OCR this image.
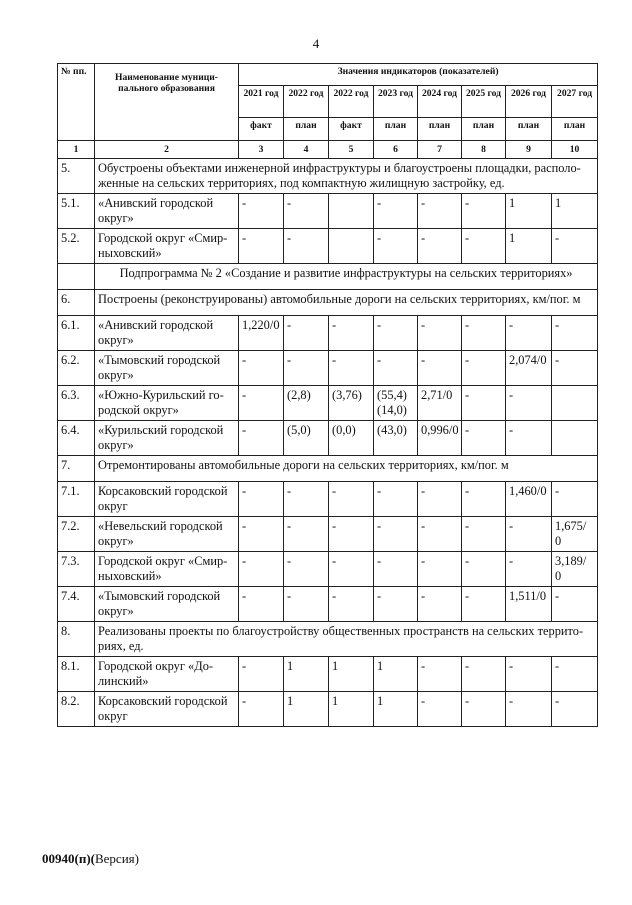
4
№ пп.	Наименование муници- пального образования	Значения индикаторов (показателей)							
		2021 год	2022 год	2022 год	2023 год	2024 год	2025 год	2026 год	2027 год
		факт	план	факт	план	план	план	план	план
1	2	3	4	5	6	7	8	9	10
5.	Обустроены объектами инженерной инфраструктуры и благоустроены площадки, располо- женные на сельских территориях, под компактную жилищную застройку, ед.								
5.1.	«Анивский городской округ»	-	-		-	-	-	1	1
5.2.	Городской округ «Смир- ныховский»	-	-		-	-	-	1	-
	Подпрограмма № 2 «Создание и развитие инфраструктуры на сельских территориях»								
6.	Построены (реконструированы) автомобильные дороги на сельских территориях, км/пог. м								
6.1.	«Анивский городской округ»	1,220/0	-	-	-	-	-	-	-
6.2.	«Тымовский городской округ»	-	-	-	-	-	-	2,074/0	-
6.3.	«Южно-Курильский го- родской округ»	-	(2,8)	(3,76)	(55,4) (14,0)	2,71/0	-	-	
6.4.	«Курильский городской округ»	-	(5,0)	(0,0)	(43,0)	0,996/0	-	-	
7.	Отремонтированы автомобильные дороги на сельских территориях, км/пог. м								
7.1.	Корсаковский городской округ	-	-	-	-	-	-	1,460/0	-
7.2.	«Невельский городской округ»	-	-	-	-	-	-	-	1,675/ 0
7.3.	Городской округ «Смир- ныховский»	-	-	-	-	-	-	-	3,189/ 0
7.4.	«Тымовский городской округ»	-	-	-	-	-	-	1,511/0	-
8.	Реализованы проекты по благоустройству общественных пространств на сельских террито- риях, ед.								
8.1.	Городской округ «До- линский»	-	1	1	1	-	-	-	-
8.2.	Корсаковский городской округ	-	1	1	1	-	-	-	-
00940(п)(Версия)
